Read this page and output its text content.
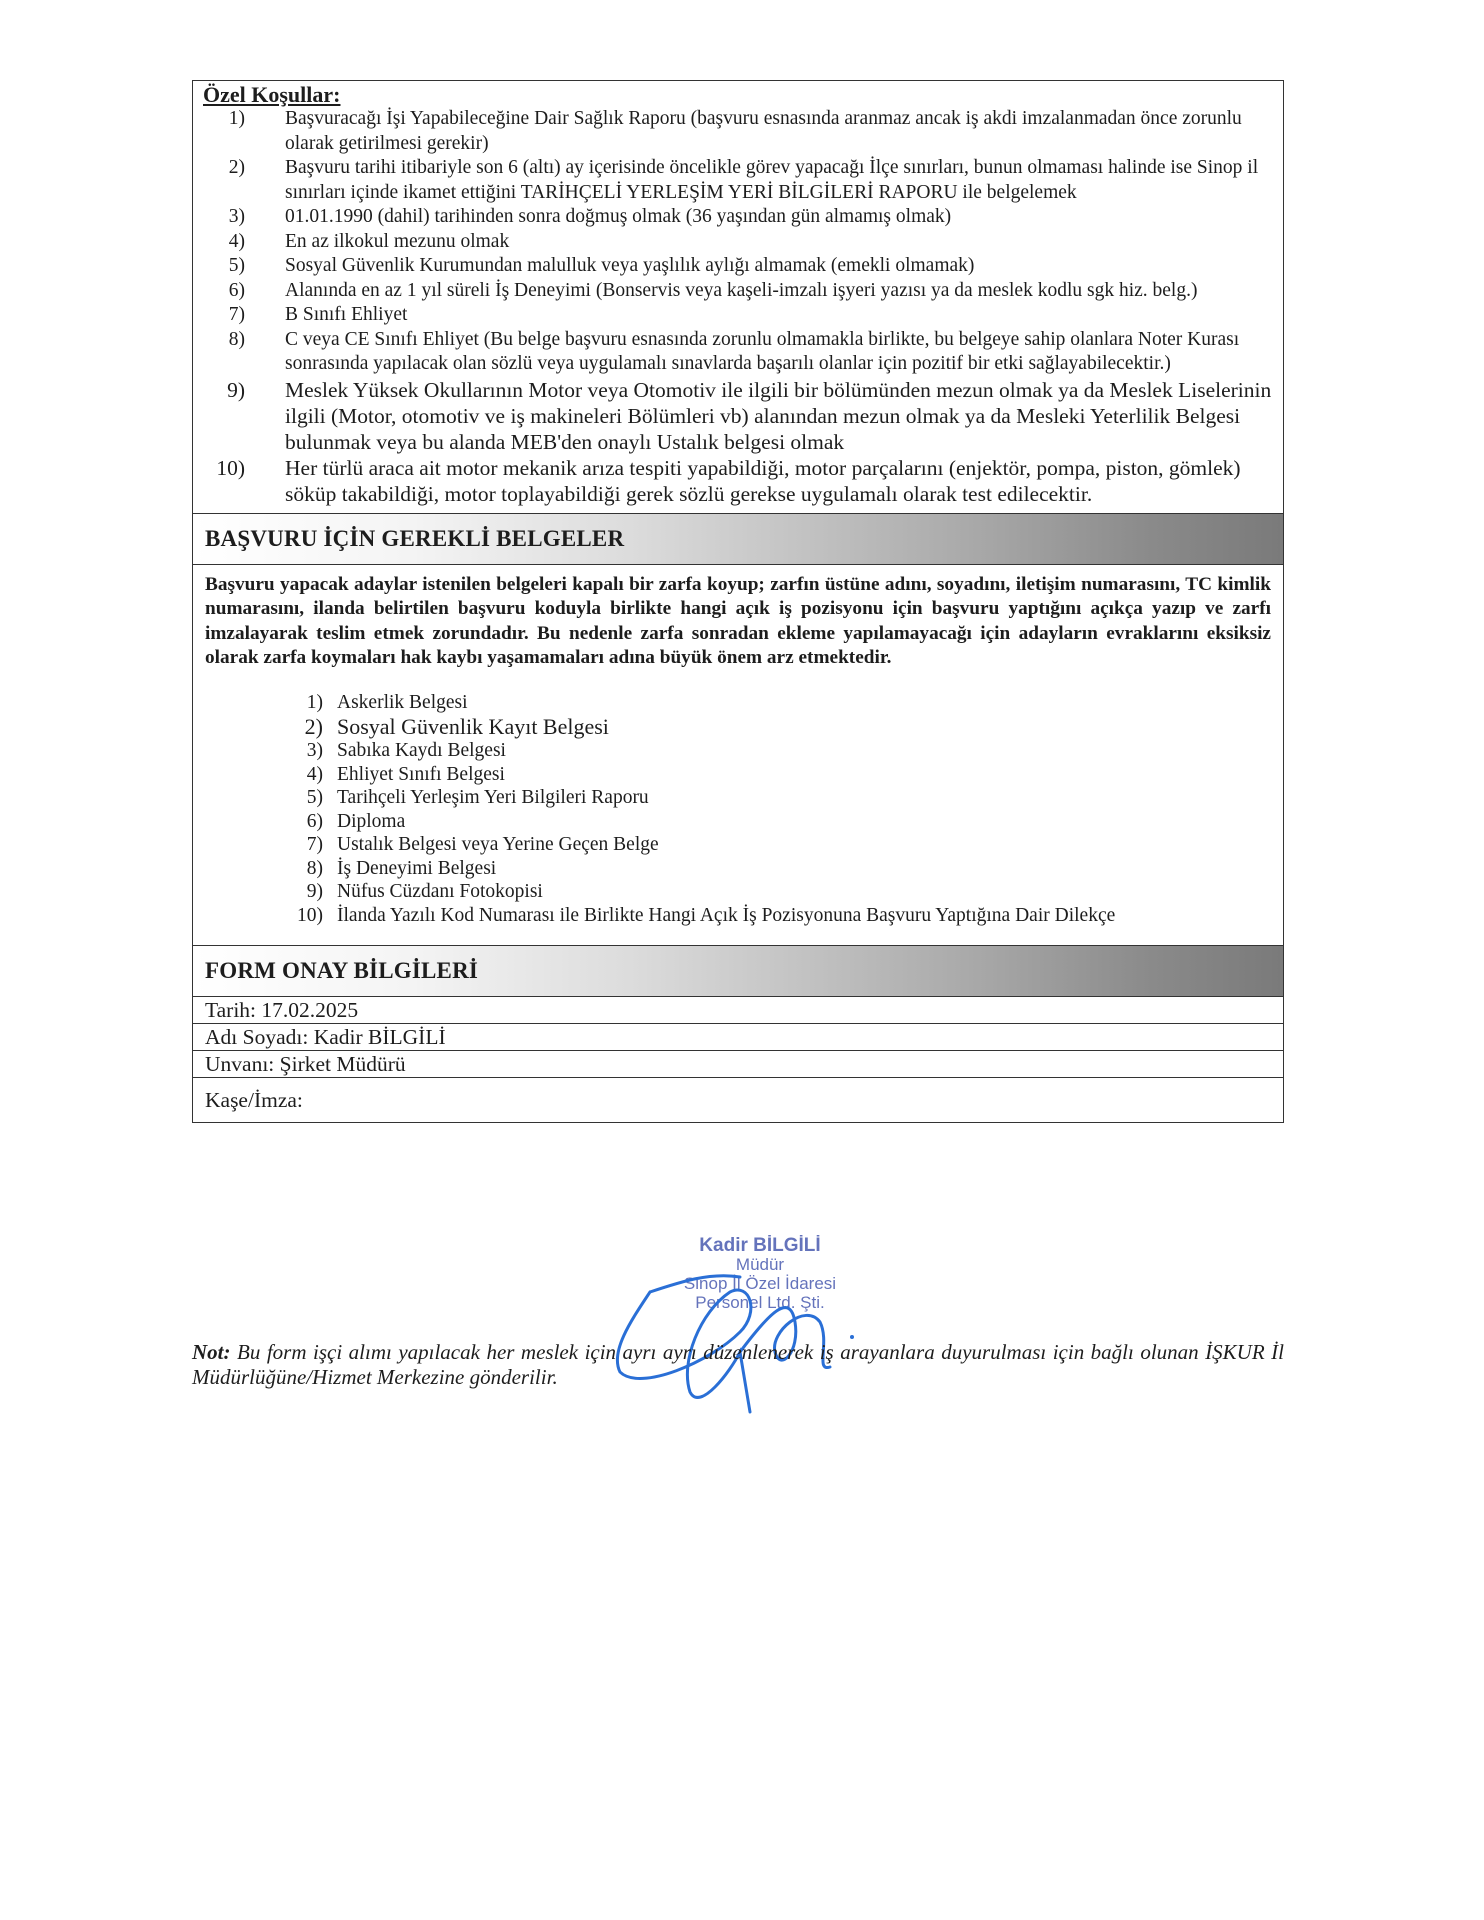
Özel Koşullar:
1)	Başvuracağı İşi Yapabileceğine Dair Sağlık Raporu (başvuru esnasında aranmaz ancak iş akdi imzalanmadan önce zorunlu olarak getirilmesi gerekir)
2)	Başvuru tarihi itibariyle son 6 (altı) ay içerisinde öncelikle görev yapacağı İlçe sınırları, bunun olmaması halinde ise Sinop il sınırları içinde ikamet ettiğini TARİHÇELİ YERLEŞİM YERİ BİLGİLERİ RAPORU ile belgelemek
3)	01.01.1990 (dahil) tarihinden sonra doğmuş olmak (36 yaşından gün almamış olmak)
4)	En az ilkokul mezunu olmak
5)	Sosyal Güvenlik Kurumundan malulluk veya yaşlılık aylığı almamak (emekli olmamak)
6)	Alanında en az 1 yıl süreli İş Deneyimi (Bonservis veya kaşeli-imzalı işyeri yazısı ya da meslek kodlu sgk hiz. belg.)
7)	B Sınıfı Ehliyet
8)	C veya CE Sınıfı Ehliyet (Bu belge başvuru esnasında zorunlu olmamakla birlikte, bu belgeye sahip olanlara Noter Kurası sonrasında yapılacak olan sözlü veya uygulamalı sınavlarda başarılı olanlar için pozitif bir etki sağlayabilecektir.)
9) Meslek Yüksek Okullarının Motor veya Otomotiv ile ilgili bir bölümünden mezun olmak ya da Meslek Liselerinin ilgili (Motor, otomotiv ve iş makineleri Bölümleri vb) alanından mezun olmak ya da Mesleki Yeterlilik Belgesi bulunmak veya bu alanda MEB'den onaylı Ustalık belgesi olmak
10) Her türlü araca ait motor mekanik arıza tespiti yapabildiği, motor parçalarını (enjektör, pompa, piston, gömlek) söküp takabildiği, motor toplayabildiği gerek sözlü gerekse uygulamalı olarak test edilecektir.
BAŞVURU İÇİN GEREKLİ BELGELER
Başvuru yapacak adaylar istenilen belgeleri kapalı bir zarfa koyup; zarfın üstüne adını, soyadını, iletişim numarasını, TC kimlik numarasını, ilanda belirtilen başvuru koduyla birlikte hangi açık iş pozisyonu için başvuru yaptığını açıkça yazıp ve zarfı imzalayarak teslim etmek zorundadır. Bu nedenle zarfa sonradan ekleme yapılamayacağı için adayların evraklarını eksiksiz olarak zarfa koymaları hak kaybı yaşamamaları adına büyük önem arz etmektedir.
1) Askerlik Belgesi
2) Sosyal Güvenlik Kayıt Belgesi
3) Sabıka Kaydı Belgesi
4) Ehliyet Sınıfı Belgesi
5) Tarihçeli Yerleşim Yeri Bilgileri Raporu
6) Diploma
7) Ustalık Belgesi veya Yerine Geçen Belge
8) İş Deneyimi Belgesi
9) Nüfus Cüzdanı Fotokopisi
10) İlanda Yazılı Kod Numarası ile Birlikte Hangi Açık İş Pozisyonuna Başvuru Yaptığına Dair Dilekçe
FORM ONAY BİLGİLERİ
Tarih: 17.02.2025
Adı Soyadı: Kadir BİLGİLİ
Unvanı: Şirket Müdürü
Kaşe/İmza:
Kadir BİLGİLİ
Müdür
Sinop İl Özel İdaresi
Personel Ltd. Şti.
Not: Bu form işçi alımı yapılacak her meslek için ayrı ayrı düzenlenerek iş arayanlara duyurulması için bağlı olunan İŞKUR İl Müdürlüğüne/Hizmet Merkezine gönderilir.
